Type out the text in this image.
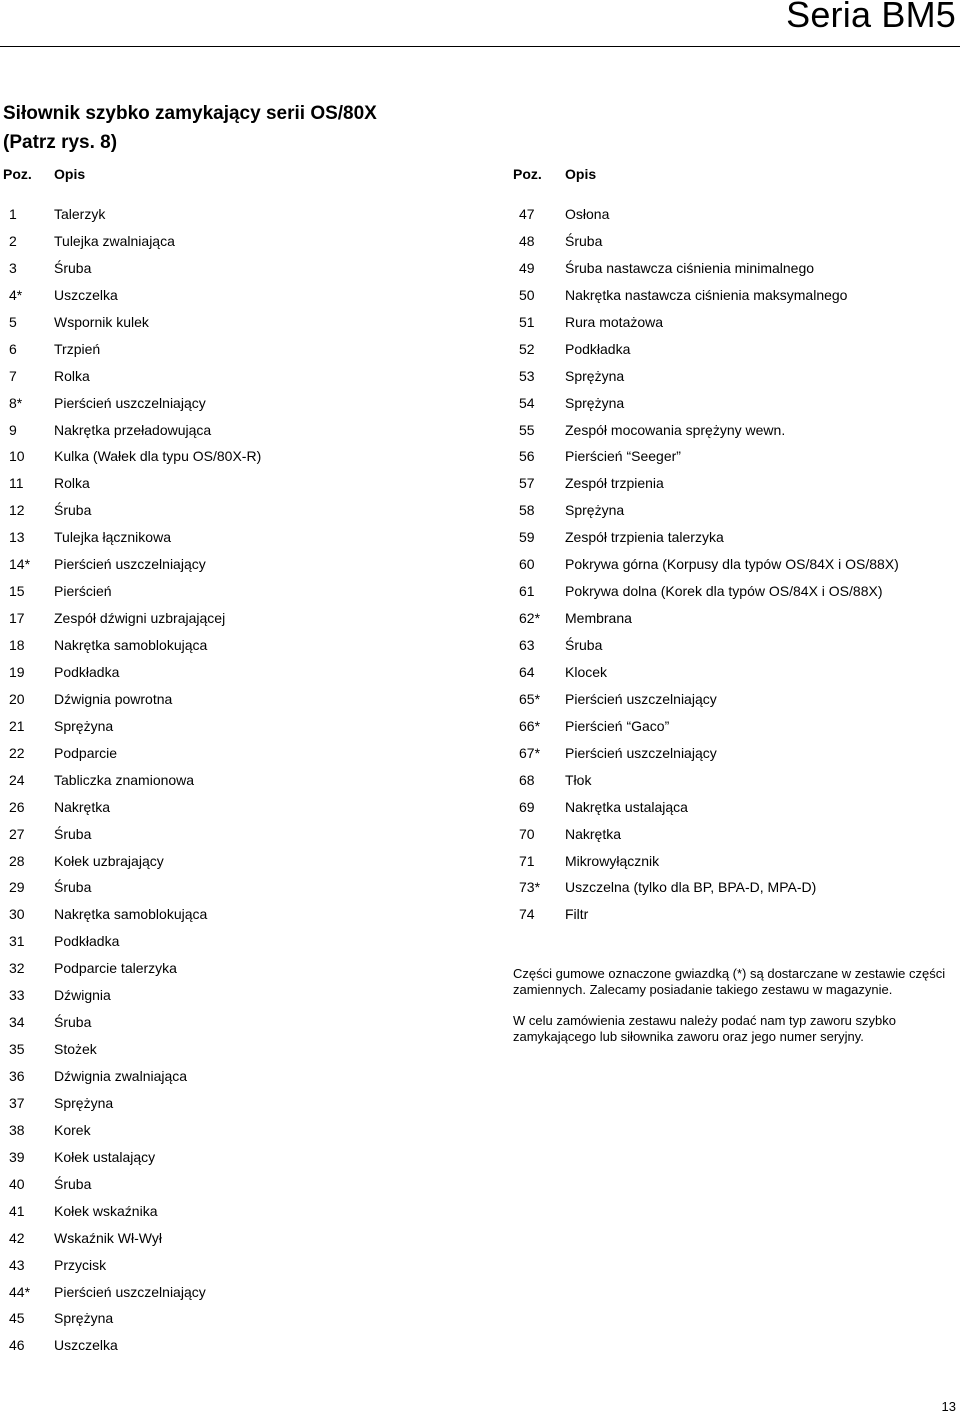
Seria BM5
Siłownik szybko zamykający serii OS/80X
(Patrz rys. 8)
Poz. Opis	Poz. Opis
1	Talerzyk
2	Tulejka zwalniająca
3	Śruba
4* Uszczelka
5	Wspornik kulek
6	Trzpień
7	Rolka
8* Pierścień uszczelniający
9	Nakrętka przeładowująca
10 Kulka (Wałek dla typu OS/80X-R)
11 Rolka
12 Śruba
13 Tulejka łącznikowa
14* Pierścień uszczelniający
15 Pierścień
17 Zespół dźwigni uzbrajającej
18 Nakrętka samoblokująca
19 Podkładka
20 Dźwignia powrotna
21 Sprężyna
22 Podparcie
24 Tabliczka znamionowa
26 Nakrętka
27 Śruba
28 Kołek uzbrajający
29 Śruba
30 Nakrętka samoblokująca
31 Podkładka
32 Podparcie talerzyka
33 Dźwignia
34 Śruba
35 Stożek
36 Dźwignia zwalniająca
37 Sprężyna
38 Korek
39 Kołek ustalający
40 Śruba
41 Kołek wskaźnika
42 Wskaźnik Wł-Wył
43 Przycisk
44* Pierścień uszczelniający
45 Sprężyna
46 Uszczelka
47 Osłona
48 Śruba
49 Śruba nastawcza ciśnienia minimalnego
50 Nakrętka nastawcza ciśnienia maksymalnego
51 Rura motażowa
52 Podkładka
53 Sprężyna
54 Sprężyna
55 Zespół mocowania sprężyny wewn.
56 Pierścień “Seeger”
57 Zespół trzpienia
58 Sprężyna
59 Zespół trzpienia talerzyka
60 Pokrywa górna (Korpusy dla typów OS/84X i OS/88X)
61 Pokrywa dolna (Korek dla typów OS/84X i OS/88X)
62* Membrana
63 Śruba
64 Klocek
65* Pierścień uszczelniający
66* Pierścień “Gaco”
67* Pierścień uszczelniający
68 Tłok
69 Nakrętka ustalająca
70 Nakrętka
71 Mikrowyłącznik
73* Uszczelna (tylko dla BP, BPA-D, MPA-D)
74 Filtr

Części gumowe oznaczone gwiazdką (*) są dostarczane w zestawie części zamiennych. Zalecamy posiadanie takiego zestawu w magazynie.

W celu zamówienia zestawu należy podać nam typ zaworu szybko zamykającego lub siłownika zaworu oraz jego numer seryjny.

13
